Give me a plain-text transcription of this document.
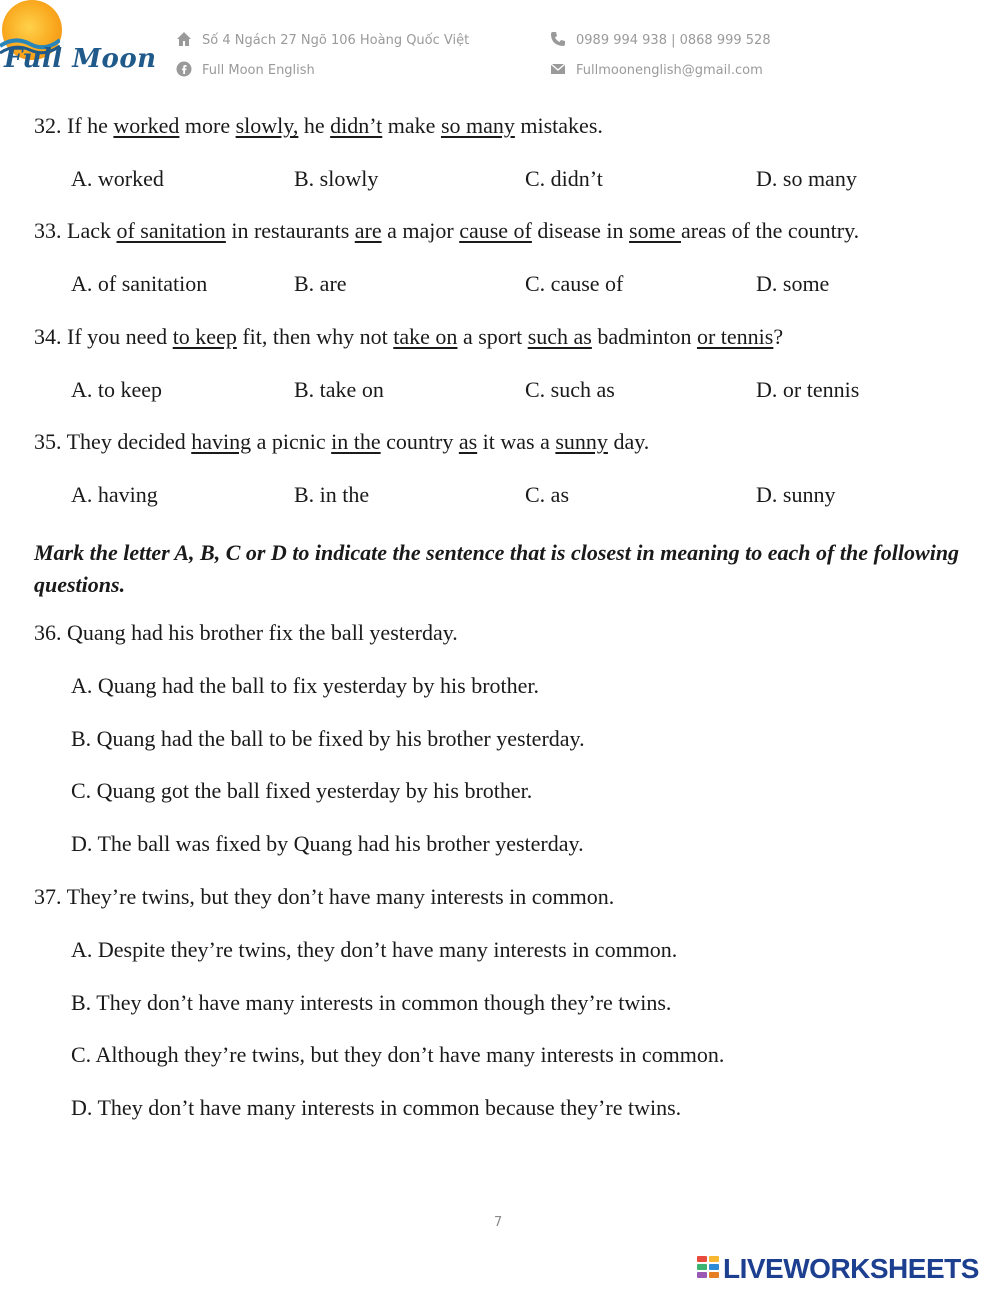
Full Moon
Số 4 Ngách 27 Ngõ 106 Hoàng Quốc Việt
Full Moon English
0989 994 938 | 0868 999 528
Fullmoonenglish@gmail.com
32. If he worked more slowly, he didn’t make so many mistakes.
A. worked	B. slowly	C. didn’t	D. so many
33. Lack of sanitation in restaurants are a major cause of disease in some areas of the country.
A. of sanitation	B. are	C. cause of	D. some
34. If you need to keep fit, then why not take on a sport such as badminton or tennis?
A. to keep	B. take on	C. such as	D. or tennis
35. They decided having a picnic in the country as it was a sunny day.
A. having	B. in the	C. as	D. sunny
Mark the letter A, B, C or D to indicate the sentence that is closest in meaning to each of the following questions.
36. Quang had his brother fix the ball yesterday.
A. Quang had the ball to fix yesterday by his brother.
B. Quang had the ball to be fixed by his brother yesterday.
C. Quang got the ball fixed yesterday by his brother.
D. The ball was fixed by Quang had his brother yesterday.
37. They’re twins, but they don’t have many interests in common.
A. Despite they’re twins, they don’t have many interests in common.
B. They don’t have many interests in common though they’re twins.
C. Although they’re twins, but they don’t have many interests in common.
D. They don’t have many interests in common because they’re twins.
7
LIVEWORKSHEETS
